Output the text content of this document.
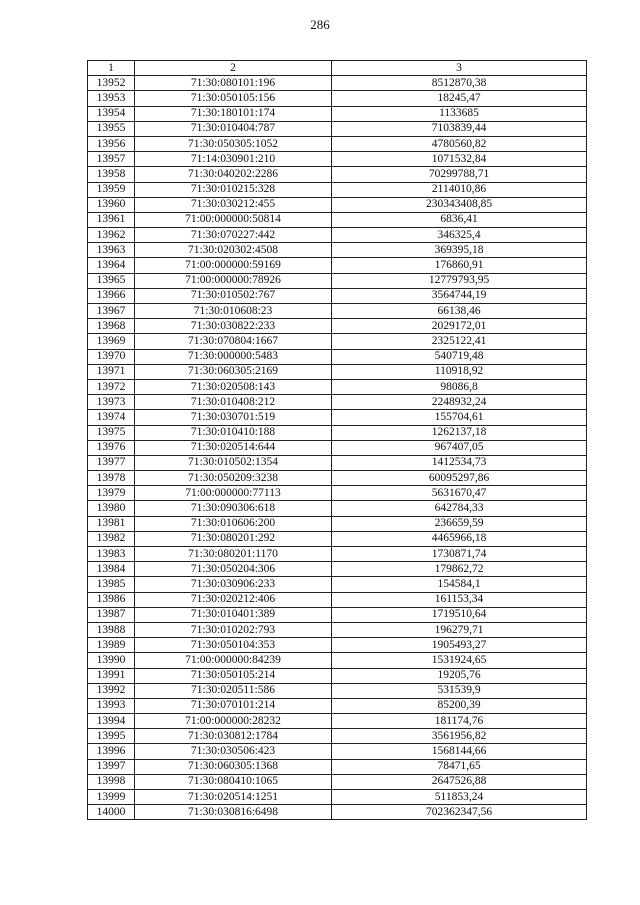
286
1	2	3
13952	71:30:080101:196	8512870,38
13953	71:30:050105:156	18245,47
13954	71:30:180101:174	1133685
13955	71:30:010404:787	7103839,44
13956	71:30:050305:1052	4780560,82
13957	71:14:030901:210	1071532,84
13958	71:30:040202:2286	70299788,71
13959	71:30:010215:328	2114010,86
13960	71:30:030212:455	230343408,85
13961	71:00:000000:50814	6836,41
13962	71:30:070227:442	346325,4
13963	71:30:020302:4508	369395,18
13964	71:00:000000:59169	176860,91
13965	71:00:000000:78926	12779793,95
13966	71:30:010502:767	3564744,19
13967	71:30:010608:23	66138,46
13968	71:30:030822:233	2029172,01
13969	71:30:070804:1667	2325122,41
13970	71:30:000000:5483	540719,48
13971	71:30:060305:2169	110918,92
13972	71:30:020508:143	98086,8
13973	71:30:010408:212	2248932,24
13974	71:30:030701:519	155704,61
13975	71:30:010410:188	1262137,18
13976	71:30:020514:644	967407,05
13977	71:30:010502:1354	1412534,73
13978	71:30:050209:3238	60095297,86
13979	71:00:000000:77113	5631670,47
13980	71:30:090306:618	642784,33
13981	71:30:010606:200	236659,59
13982	71:30:080201:292	4465966,18
13983	71:30:080201:1170	1730871,74
13984	71:30:050204:306	179862,72
13985	71:30:030906:233	154584,1
13986	71:30:020212:406	161153,34
13987	71:30:010401:389	1719510,64
13988	71:30:010202:793	196279,71
13989	71:30:050104:353	1905493,27
13990	71:00:000000:84239	1531924,65
13991	71:30:050105:214	19205,76
13992	71:30:020511:586	531539,9
13993	71:30:070101:214	85200,39
13994	71:00:000000:28232	181174,76
13995	71:30:030812:1784	3561956,82
13996	71:30:030506:423	1568144,66
13997	71:30:060305:1368	78471,65
13998	71:30:080410:1065	2647526,88
13999	71:30:020514:1251	511853,24
14000	71:30:030816:6498	702362347,56
